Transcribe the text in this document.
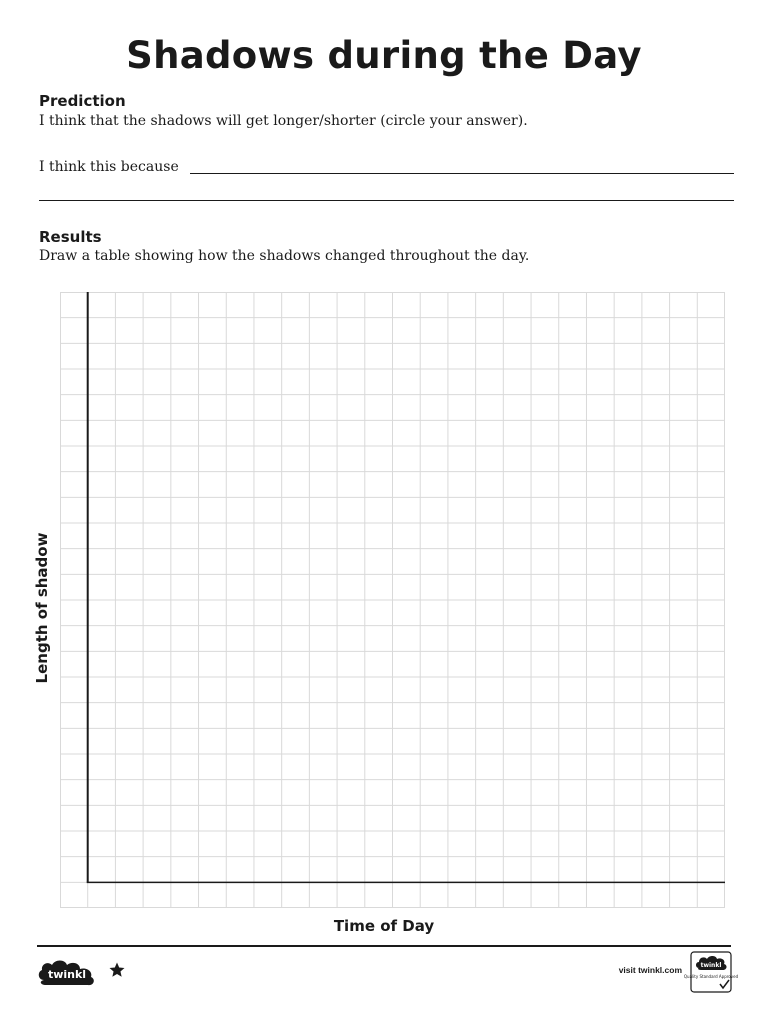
Shadows during the Day
Prediction
I think that the shadows will get longer/shorter (circle your answer).
I think this because
Results
Draw a table showing how the shadows changed throughout the day.
Length of shadow
Time of Day
twinkl	visit twinkl.com	twinkl
Quality Standard Approved
